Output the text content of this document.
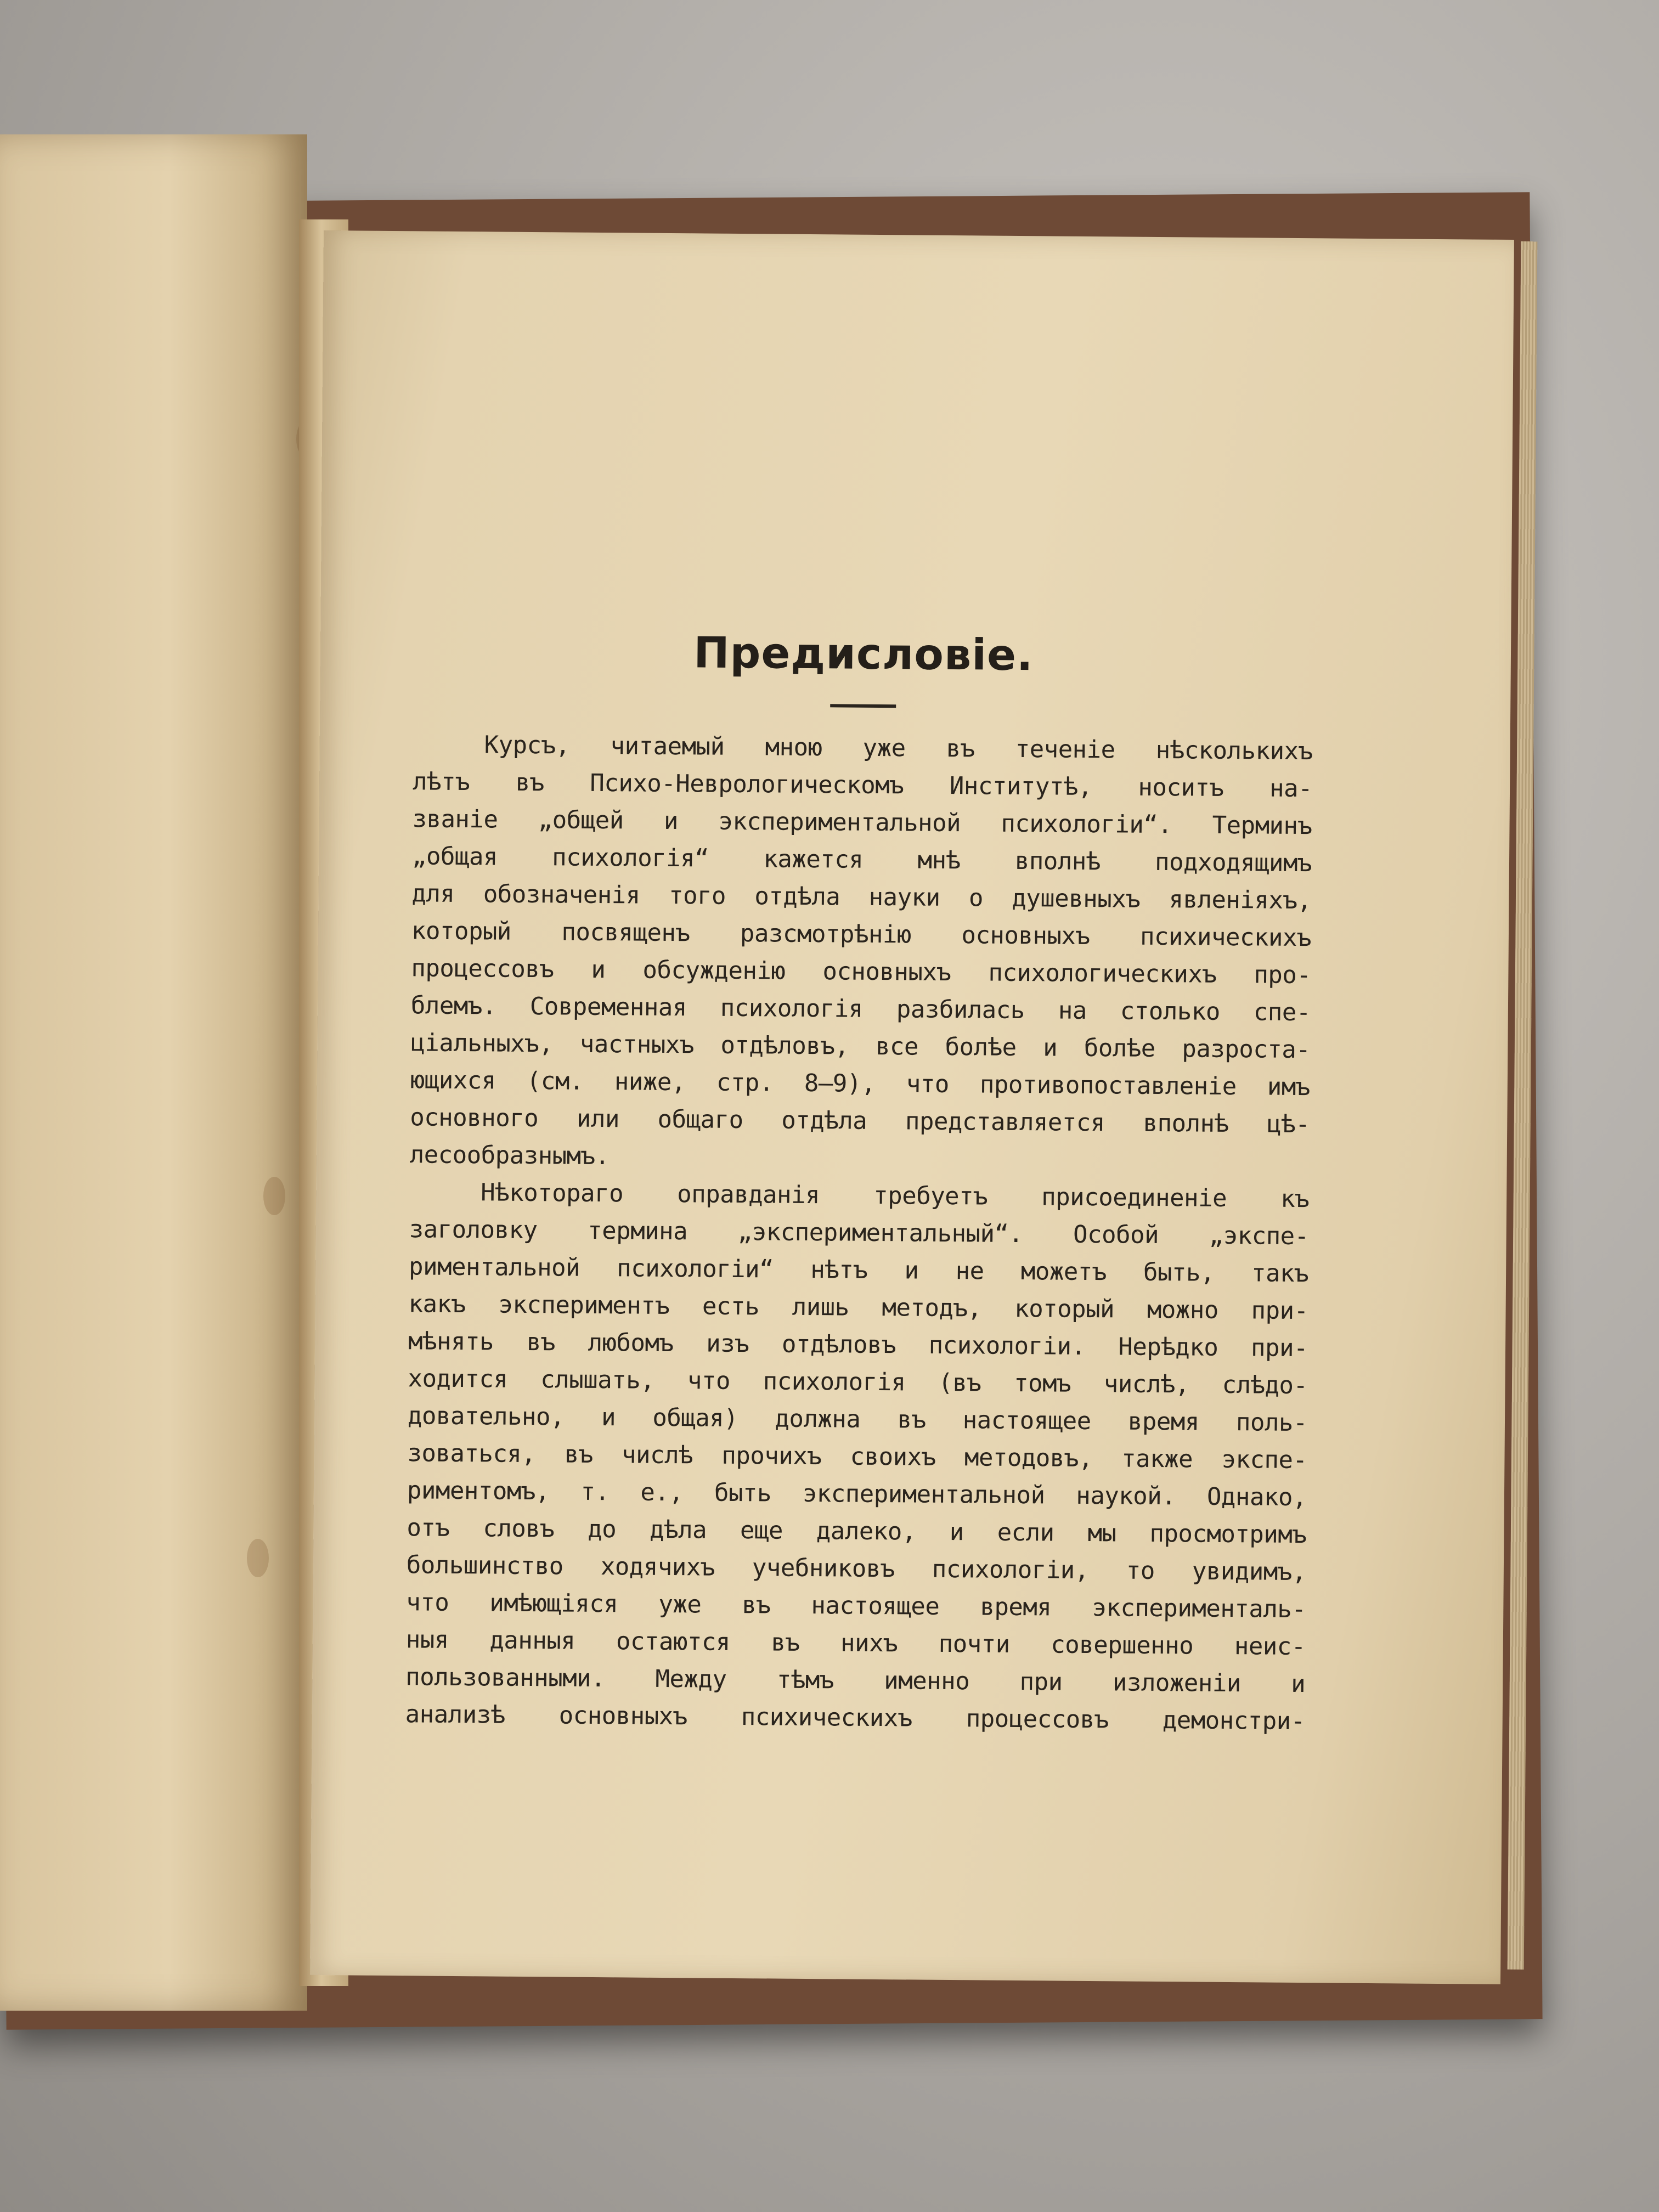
Предисловіе.
Курсъ, читаемый мною уже въ теченіе нѣсколькихъ
лѣтъ въ Психо-Неврологическомъ Институтѣ, носитъ на-
званіе „общей и экспериментальной психологіи“. Терминъ
„общая психологія“ кажется мнѣ вполнѣ подходящимъ
для обозначенія того отдѣла науки о душевныхъ явленіяхъ,
который посвященъ разсмотрѣнію основныхъ психическихъ
процессовъ и обсужденію основныхъ психологическихъ про-
блемъ. Современная психологія разбилась на столько спе-
ціальныхъ, частныхъ отдѣловъ, все болѣе и болѣе разроста-
ющихся (см. ниже, стр. 8—9), что противопоставленіе имъ
основного или общаго отдѣла представляется вполнѣ цѣ-
лесообразнымъ.
Нѣкотораго оправданія требуетъ присоединеніе къ
заголовку термина „экспериментальный“. Особой „экспе-
риментальной психологіи“ нѣтъ и не можетъ быть, такъ
какъ экспериментъ есть лишь методъ, который можно при-
мѣнять въ любомъ изъ отдѣловъ психологіи. Нерѣдко при-
ходится слышать, что психологія (въ томъ числѣ, слѣдо-
довательно, и общая) должна въ настоящее время поль-
зоваться, въ числѣ прочихъ своихъ методовъ, также экспе-
риментомъ, т. е., быть экспериментальной наукой. Однако,
отъ словъ до дѣла еще далеко, и если мы просмотримъ
большинство ходячихъ учебниковъ психологіи, то увидимъ,
что имѣющіяся уже въ настоящее время эксперименталь-
ныя данныя остаются въ нихъ почти совершенно неис-
пользованными. Между тѣмъ именно при изложеніи и
анализѣ основныхъ психическихъ процессовъ демонстри-
